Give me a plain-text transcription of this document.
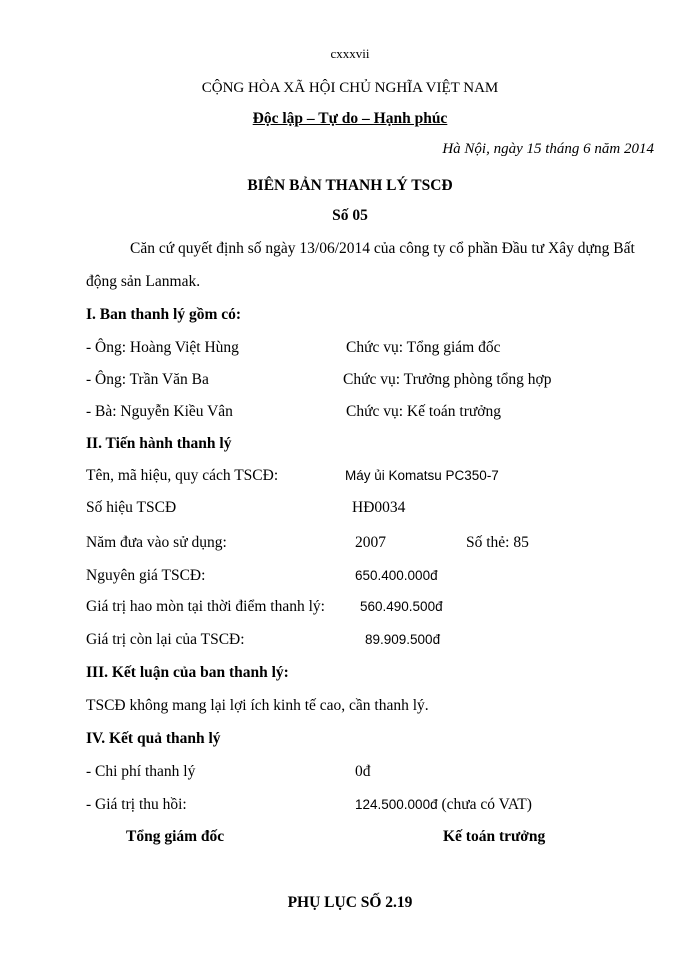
cxxxvii
CỘNG HÒA XÃ HỘI CHỦ NGHĨA VIỆT NAM
Độc lập – Tự do – Hạnh phúc
Hà Nội, ngày 15 tháng 6 năm 2014
BIÊN BẢN THANH LÝ TSCĐ
Số 05
Căn cứ quyết định số ngày 13/06/2014 của công ty cổ phần Đầu tư Xây dựng Bất
động sản Lanmak.
I. Ban thanh lý gồm có:
- Ông: Hoàng Việt Hùng	Chức vụ: Tổng giám đốc
- Ông: Trần Văn Ba	Chức vụ: Trưởng phòng tổng hợp
- Bà: Nguyễn Kiều Vân	Chức vụ: Kế toán trưởng
II. Tiến hành thanh lý
Tên, mã hiệu, quy cách TSCĐ:	Máy ủi Komatsu PC350-7
Số hiệu TSCĐ	HĐ0034
Năm đưa vào sử dụng:	2007	Số thẻ: 85
Nguyên giá TSCĐ:	650.400.000đ
Giá trị hao mòn tại thời điểm thanh lý:	560.490.500đ
Giá trị còn lại của TSCĐ:	89.909.500đ
III. Kết luận của ban thanh lý:
TSCĐ không mang lại lợi ích kinh tế cao, cần thanh lý.
IV. Kết quả thanh lý
- Chi phí thanh lý	0đ
- Giá trị thu hồi:	124.500.000đ (chưa có VAT)
Tổng giám đốc	Kế toán trưởng
PHỤ LỤC SỐ 2.19
